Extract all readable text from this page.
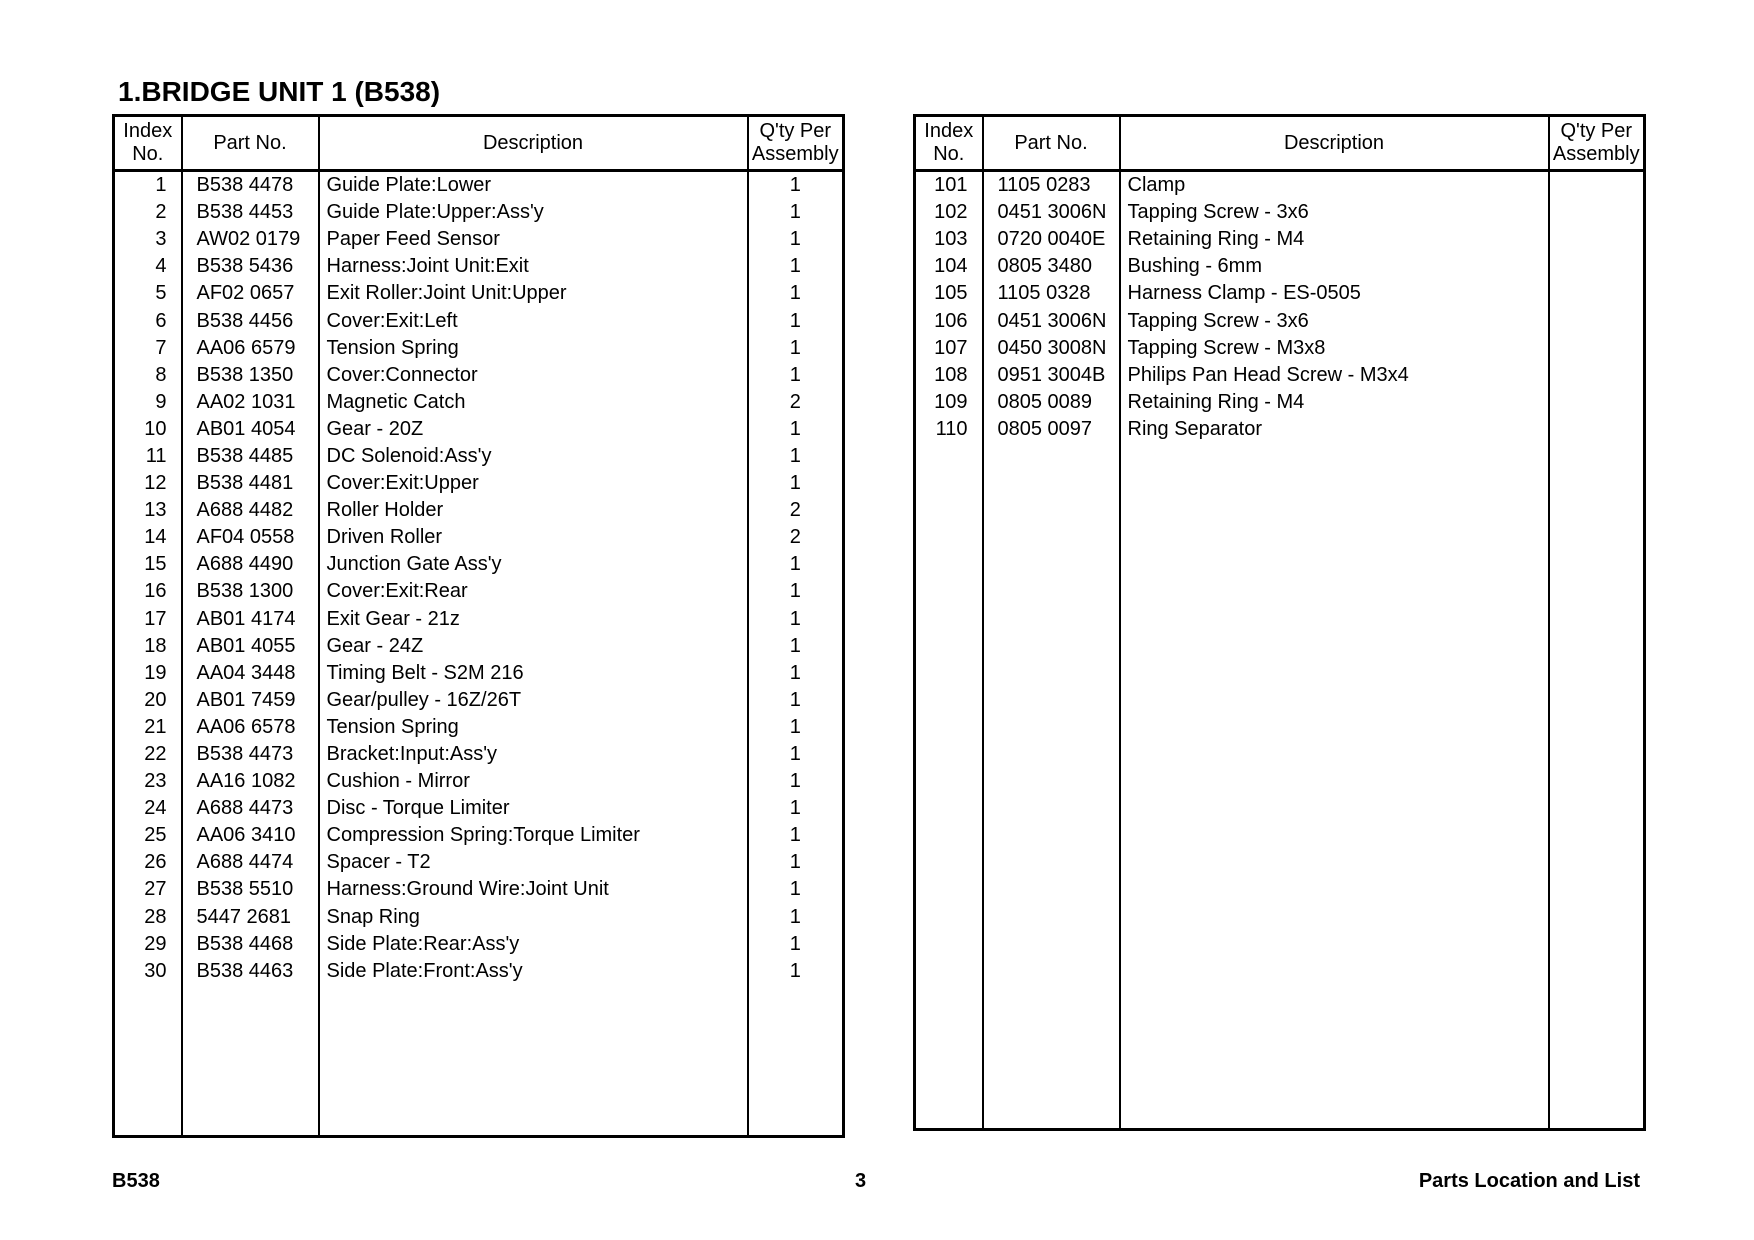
1.BRIDGE UNIT 1 (B538)
Index
No.	Part No.	Description	Q'ty Per
Assembly
1	B538 4478	Guide Plate:Lower	1
2	B538 4453	Guide Plate:Upper:Ass'y	1
3	AW02 0179	Paper Feed Sensor	1
4	B538 5436	Harness:Joint Unit:Exit	1
5	AF02 0657	Exit Roller:Joint Unit:Upper	1
6	B538 4456	Cover:Exit:Left	1
7	AA06 6579	Tension Spring	1
8	B538 1350	Cover:Connector	1
9	AA02 1031	Magnetic Catch	2
10	AB01 4054	Gear - 20Z	1
11	B538 4485	DC Solenoid:Ass'y	1
12	B538 4481	Cover:Exit:Upper	1
13	A688 4482	Roller Holder	2
14	AF04 0558	Driven Roller	2
15	A688 4490	Junction Gate Ass'y	1
16	B538 1300	Cover:Exit:Rear	1
17	AB01 4174	Exit Gear - 21z	1
18	AB01 4055	Gear - 24Z	1
19	AA04 3448	Timing Belt - S2M 216	1
20	AB01 7459	Gear/pulley - 16Z/26T	1
21	AA06 6578	Tension Spring	1
22	B538 4473	Bracket:Input:Ass'y	1
23	AA16 1082	Cushion - Mirror	1
24	A688 4473	Disc - Torque Limiter	1
25	AA06 3410	Compression Spring:Torque Limiter	1
26	A688 4474	Spacer - T2	1
27	B538 5510	Harness:Ground Wire:Joint Unit	1
28	5447 2681	Snap Ring	1
29	B538 4468	Side Plate:Rear:Ass'y	1
30	B538 4463	Side Plate:Front:Ass'y	1

Index
No.	Part No.	Description	Q'ty Per
Assembly
101	1105 0283	Clamp	
102	0451 3006N	Tapping Screw - 3x6	
103	0720 0040E	Retaining Ring - M4	
104	0805 3480	Bushing - 6mm	
105	1105 0328	Harness Clamp - ES-0505	
106	0451 3006N	Tapping Screw - 3x6	
107	0450 3008N	Tapping Screw - M3x8	
108	0951 3004B	Philips Pan Head Screw - M3x4	
109	0805 0089	Retaining Ring - M4	
110	0805 0097	Ring Separator	

B538	3	Parts Location and List
